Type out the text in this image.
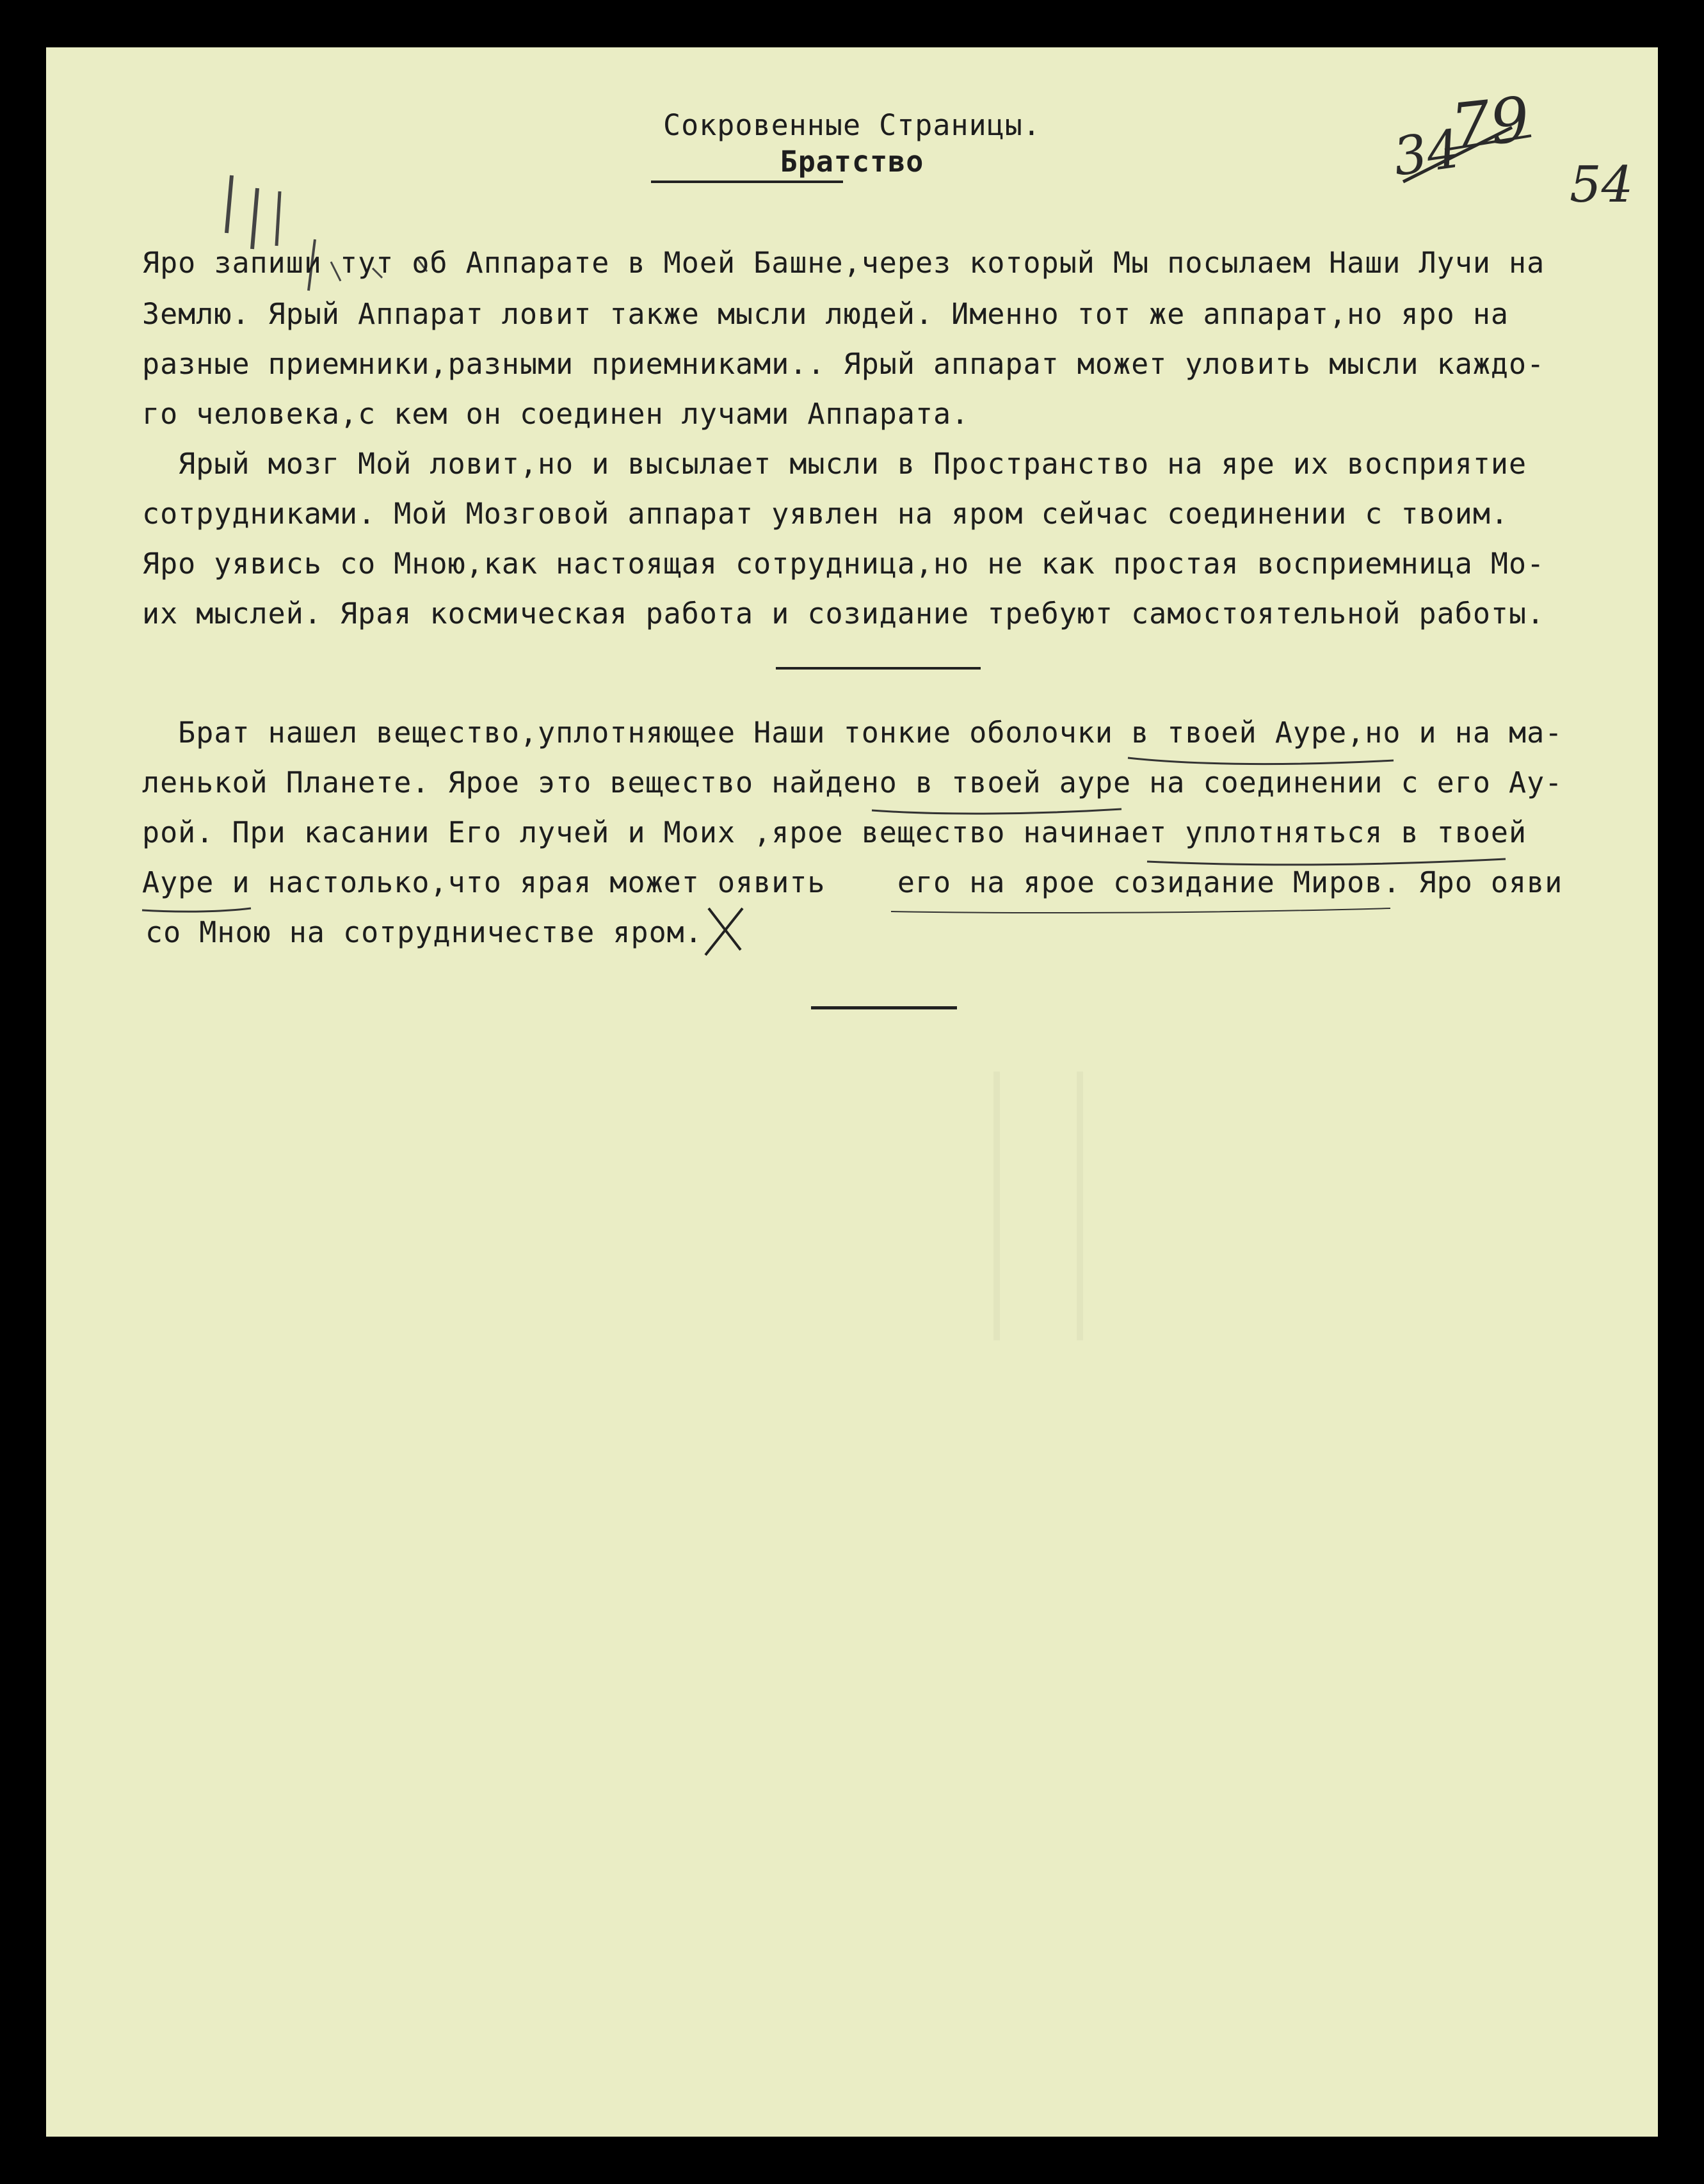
34
79
54
Сокровенные Страницы.
Братство
Яро запиши тут об Аппарате в Моей Башне,через который Мы посылаем Наши Лучи на
Землю. Ярый Аппарат ловит также мысли людей. Именно тот же аппарат,но яро на
разные приемники,разными приемниками.. Ярый аппарат может уловить мысли каждо-
го человека,с кем он соединен лучами Аппарата.
Ярый мозг Мой ловит,но и высылает мысли в Пространство на яре их восприятие
сотрудниками. Мой Мозговой аппарат уявлен на яром сейчас соединении с твоим.
Яро уявись со Мною,как настоящая сотрудница,но не как простая восприемница Мо-
их мыслей. Ярая космическая работа и созидание требуют самостоятельной работы.
Брат нашел вещество,уплотняющее Наши тонкие оболочки в твоей Ауре,но и на ма-
ленькой Планете. Ярое это вещество найдено в твоей ауре на соединении с его Ау-
рой. При касании Его лучей и Моих ,ярое вещество начинает уплотняться в твоей
Ауре и настолько,что ярая может оявить    его на ярое созидание Миров. Яро ояви
со Мною на сотрудничестве яром.
